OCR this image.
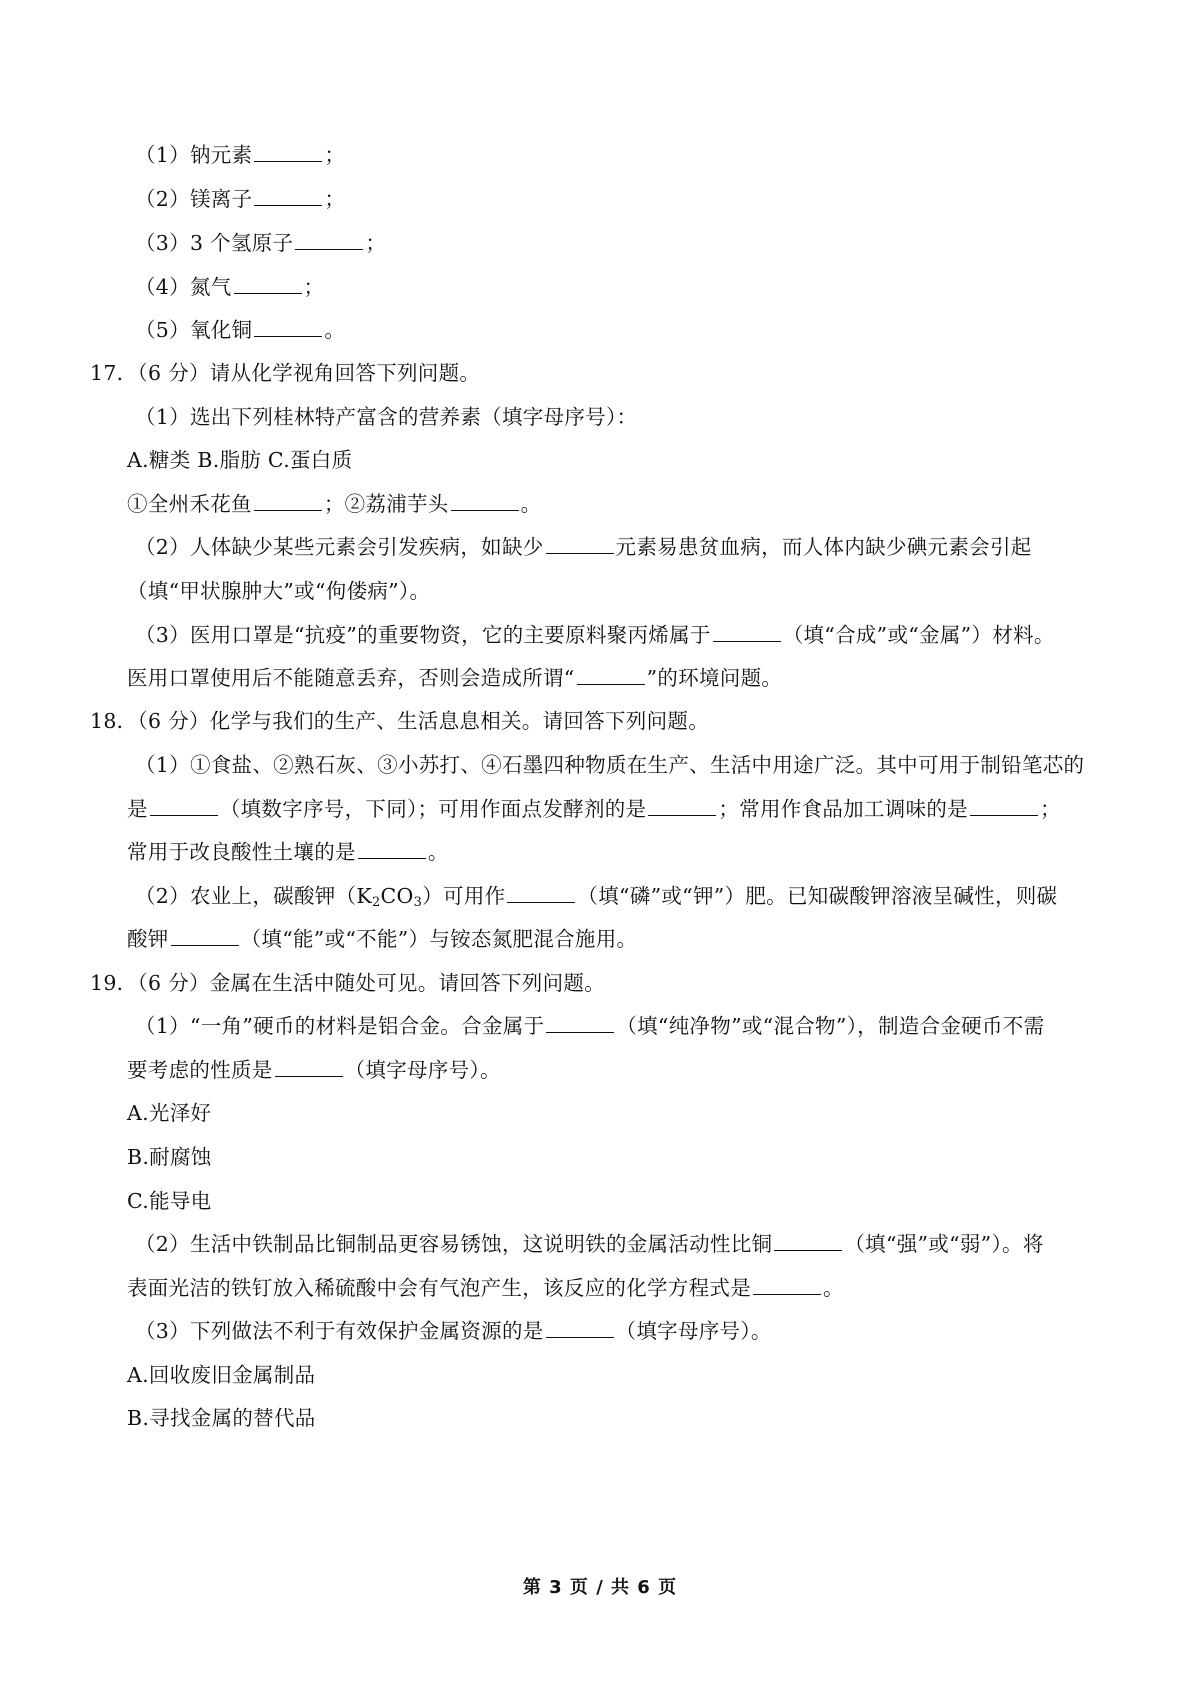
（1）钠元素	；
（2）镁离子	；
（3）3 个氢原子	；
（4）氮气	；
（5）氧化铜	。
17．（6 分）请从化学视角回答下列问题。
（1）选出下列桂林特产富含的营养素（填字母序号）：
A.糖类 B.脂肪 C.蛋白质
①全州禾花鱼	；②荔浦芋头	。
（2）人体缺少某些元素会引发疾病，如缺少	元素易患贫血病，而人体内缺少碘元素会引起
（填“甲状腺肿大”或“佝偻病”）。
（3）医用口罩是“抗疫”的重要物资，它的主要原料聚丙烯属于	（填“合成”或“金属”）材料。
医用口罩使用后不能随意丢弃，否则会造成所谓“	”的环境问题。
18．（6 分）化学与我们的生产、生活息息相关。请回答下列问题。
（1）①食盐、②熟石灰、③小苏打、④石墨四种物质在生产、生活中用途广泛。其中可用于制铅笔芯的
是	（填数字序号，下同）；可用作面点发酵剂的是	；常用作食品加工调味的是	；
常用于改良酸性土壤的是	。
（2）农业上，碳酸钾$(K_2CO_3)$可用作	（填“磷”或“钾”）肥。已知碳酸钾溶液呈碱性，则碳
酸钾	（填“能”或“不能”）与铵态氮肥混合施用。
19．（6 分）金属在生活中随处可见。请回答下列问题。
（1）“一角”硬币的材料是铝合金。合金属于	（填“纯净物”或“混合物”），制造合金硬币不需
要考虑的性质是	（填字母序号）。
A.光泽好
B.耐腐蚀
C.能导电
（2）生活中铁制品比铜制品更容易锈蚀，这说明铁的金属活动性比铜	（填“强”或“弱”）。将
表面光洁的铁钉放入稀硫酸中会有气泡产生，该反应的化学方程式是	。
（3）下列做法不利于有效保护金属资源的是	（填字母序号）。
A.回收废旧金属制品
B.寻找金属的替代品
第 3 页 / 共 6 页
